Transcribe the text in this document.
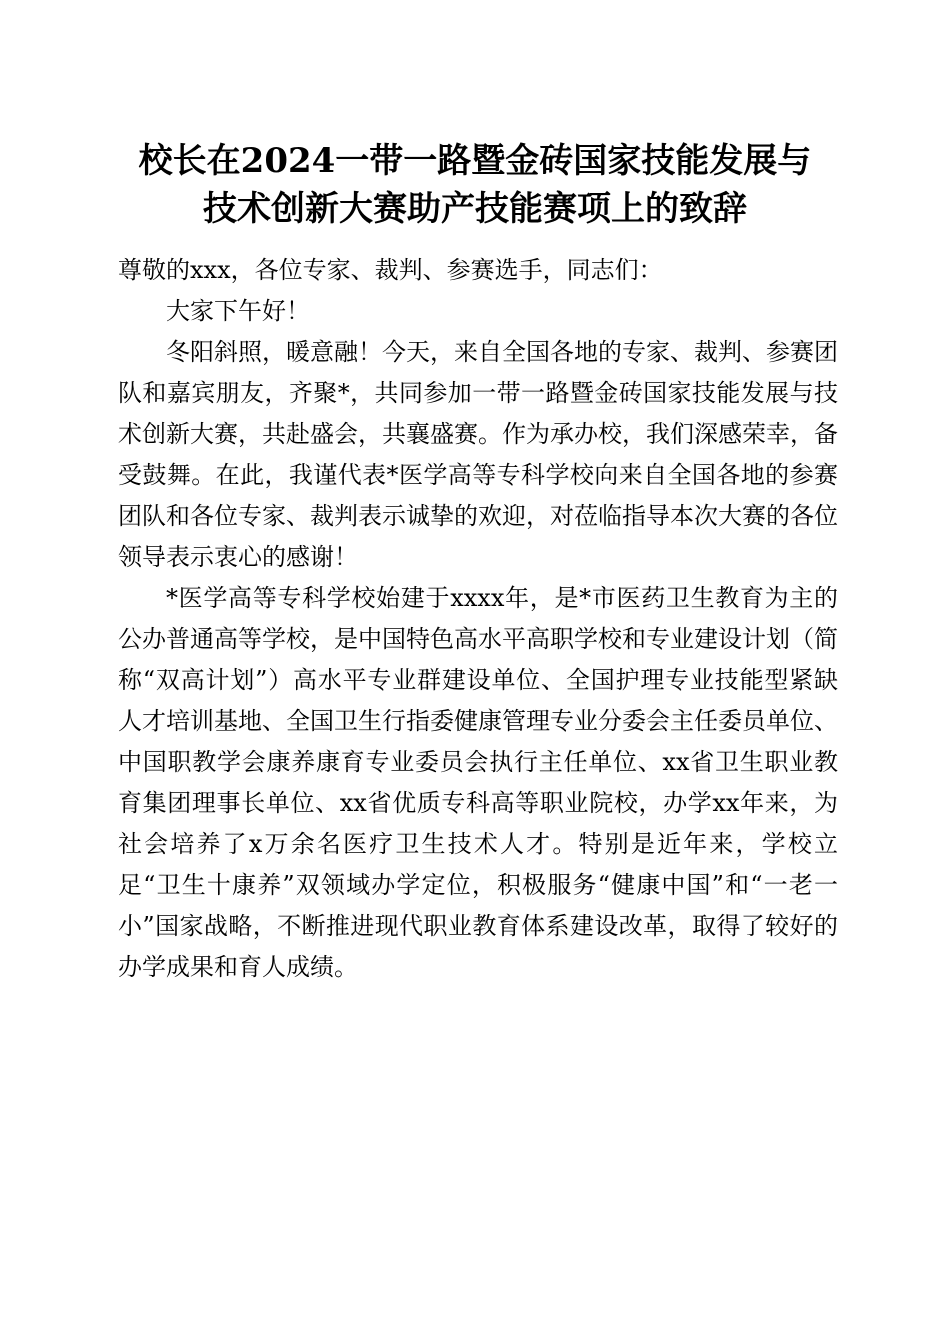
校长在2024一带一路暨金砖国家技能发展与
技术创新大赛助产技能赛项上的致辞

尊敬的xxx，各位专家、裁判、参赛选手，同志们：

大家下午好！

冬阳斜照，暖意融！今天，来自全国各地的专家、裁判、参赛团队和嘉宾朋友，齐聚*，共同参加一带一路暨金砖国家技能发展与技术创新大赛，共赴盛会，共襄盛赛。作为承办校，我们深感荣幸，备受鼓舞。在此，我谨代表*医学高等专科学校向来自全国各地的参赛团队和各位专家、裁判表示诚挚的欢迎，对莅临指导本次大赛的各位领导表示衷心的感谢！

*医学高等专科学校始建于xxxx年，是*市医药卫生教育为主的公办普通高等学校，是中国特色高水平高职学校和专业建设计划（简称“双高计划”）高水平专业群建设单位、全国护理专业技能型紧缺人才培训基地、全国卫生行指委健康管理专业分委会主任委员单位、中国职教学会康养康育专业委员会执行主任单位、xx省卫生职业教育集团理事长单位、xx省优质专科高等职业院校，办学xx年来，为社会培养了x万余名医疗卫生技术人才。特别是近年来，学校立足“卫生十康养”双领域办学定位，积极服务“健康中国”和“一老一小”国家战略，不断推进现代职业教育体系建设改革，取得了较好的办学成果和育人成绩。
